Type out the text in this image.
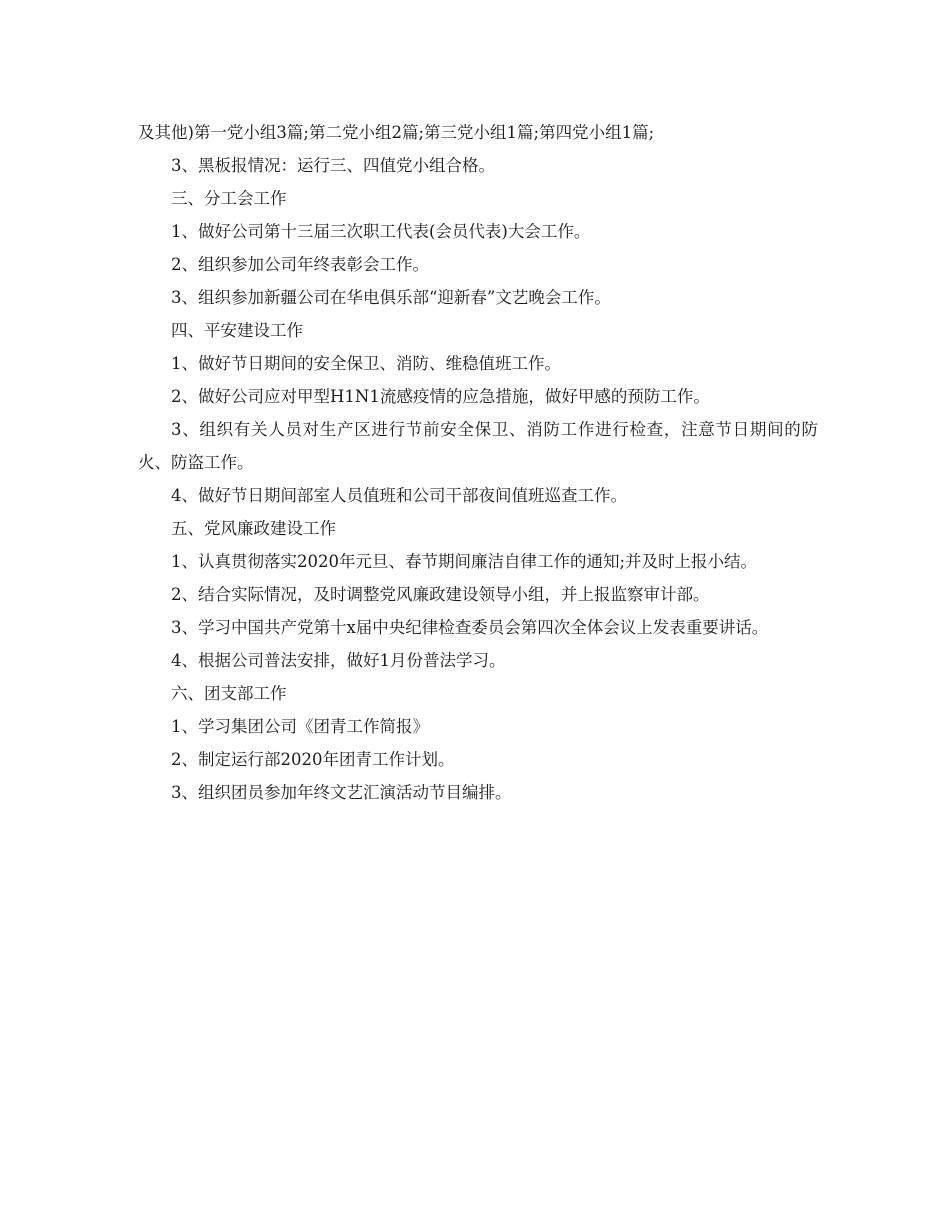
及其他)第一党小组3篇;第二党小组2篇;第三党小组1篇;第四党小组1篇;

3、黑板报情况：运行三、四值党小组合格。

三、分工会工作

1、做好公司第十三届三次职工代表(会员代表)大会工作。

2、组织参加公司年终表彰会工作。

3、组织参加新疆公司在华电俱乐部“迎新春”文艺晚会工作。

四、平安建设工作

1、做好节日期间的安全保卫、消防、维稳值班工作。

2、做好公司应对甲型H1N1流感疫情的应急措施，做好甲感的预防工作。

3、组织有关人员对生产区进行节前安全保卫、消防工作进行检查，注意节日期间的防火、防盗工作。

4、做好节日期间部室人员值班和公司干部夜间值班巡查工作。

五、党风廉政建设工作

1、认真贯彻落实2020年元旦、春节期间廉洁自律工作的通知;并及时上报小结。

2、结合实际情况，及时调整党风廉政建设领导小组，并上报监察审计部。

3、学习中国共产党第十x届中央纪律检查委员会第四次全体会议上发表重要讲话。

4、根据公司普法安排，做好1月份普法学习。

六、团支部工作

1、学习集团公司《团青工作简报》

2、制定运行部2020年团青工作计划。

3、组织团员参加年终文艺汇演活动节目编排。
